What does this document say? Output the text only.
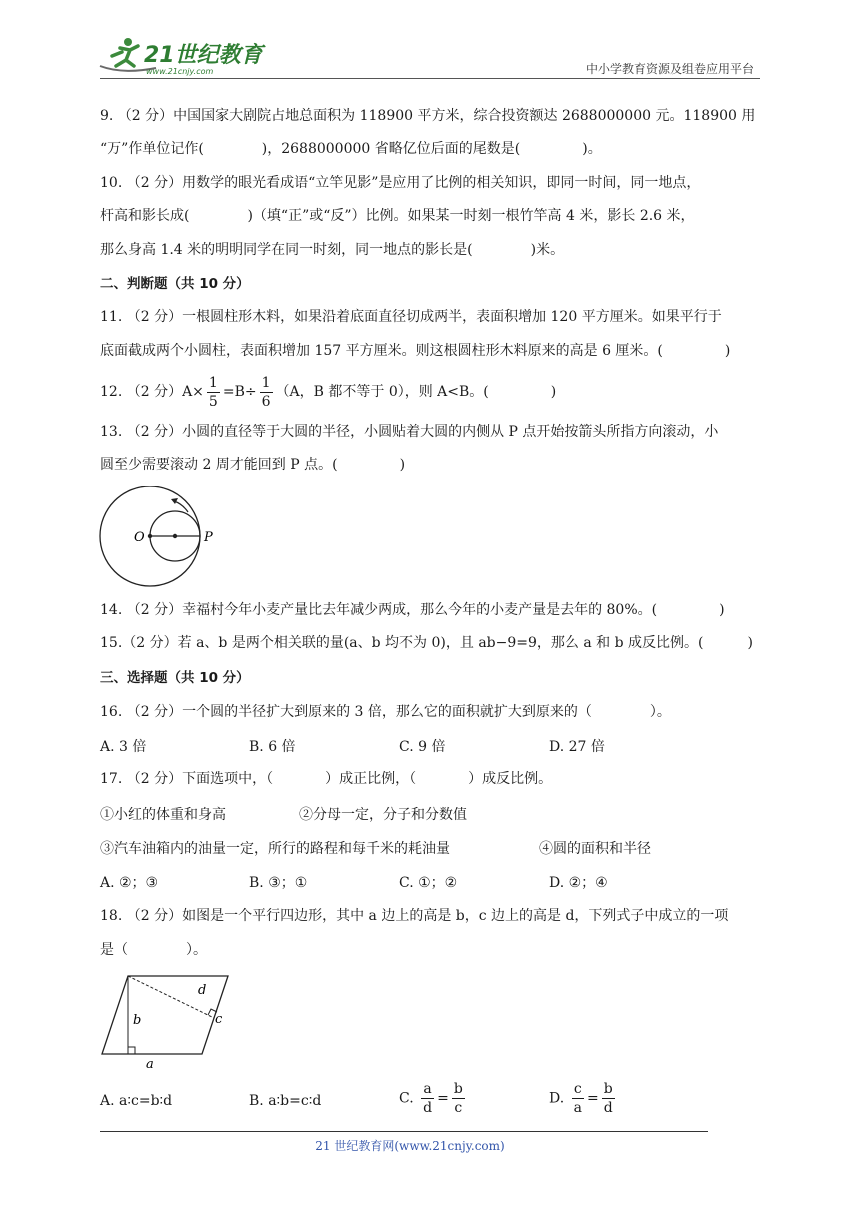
21世纪教育
www.21cnjy.com	中小学教育资源及组卷应用平台
9. （2 分）中国国家大剧院占地总面积为 118900 平方米，综合投资额达 2688000000 元。118900 用
“万”作单位记作(	)，2688000000 省略亿位后面的尾数是(	)。
10. （2 分）用数学的眼光看成语“立竿见影”是应用了比例的相关知识，即同一时间，同一地点，
杆高和影长成(	)（填“正”或“反”）比例。如果某一时刻一根竹竿高 4 米，影长 2.6 米，
那么身高 1.4 米的明明同学在同一时刻，同一地点的影长是(	)米。
二、判断题（共 10 分）
11. （2 分）一根圆柱形木料，如果沿着底面直径切成两半，表面积增加 120 平方厘米。如果平行于
底面截成两个小圆柱，表面积增加 157 平方厘米。则这根圆柱形木料原来的高是 6 厘米。(	)
12. （2 分）$A\times \frac{1}{5} =B\div \frac{1}{6} (A$，B 都不等于 0），则 A<B。(	)
13. （2 分）小圆的直径等于大圆的半径，小圆贴着大圆的内侧从 P 点开始按箭头所指方向滚动，小
圆至少需要滚动 2 周才能回到 P 点。(	)
O	P
14. （2 分）幸福村今年小麦产量比去年减少两成，那么今年的小麦产量是去年的 80%。(	)
15.（2 分）若 a、b 是两个相关联的量(a、b 均不为 0)，且 ab−9=9，那么 a 和 b 成反比例。(	)
三、选择题（共 10 分）
16. （2 分）一个圆的半径扩大到原来的 3 倍，那么它的面积就扩大到原来的（	）。
A. 3 倍	B. 6 倍	C. 9 倍	D. 27 倍
17. （2 分）下面选项中，（	）成正比例，（	）成反比例。
①小红的体重和身高	②分母一定，分子和分数值
③汽车油箱内的油量一定，所行的路程和每千米的耗油量	④圆的面积和半径
A. ②；③	B. ③；①	C. ①；②	D. ②；④
18. （2 分）如图是一个平行四边形，其中 a 边上的高是 b，c 边上的高是 d，下列式子中成立的一项
是（	）。
d
c
b
a
A. a∶c=b∶d	B. a∶b=c∶d	C. $\frac{a}{d} = \frac{b}{c}$	D. $\frac{c}{a} = \frac{b}{d}$
21 世纪教育网(www.21cnjy.com)
